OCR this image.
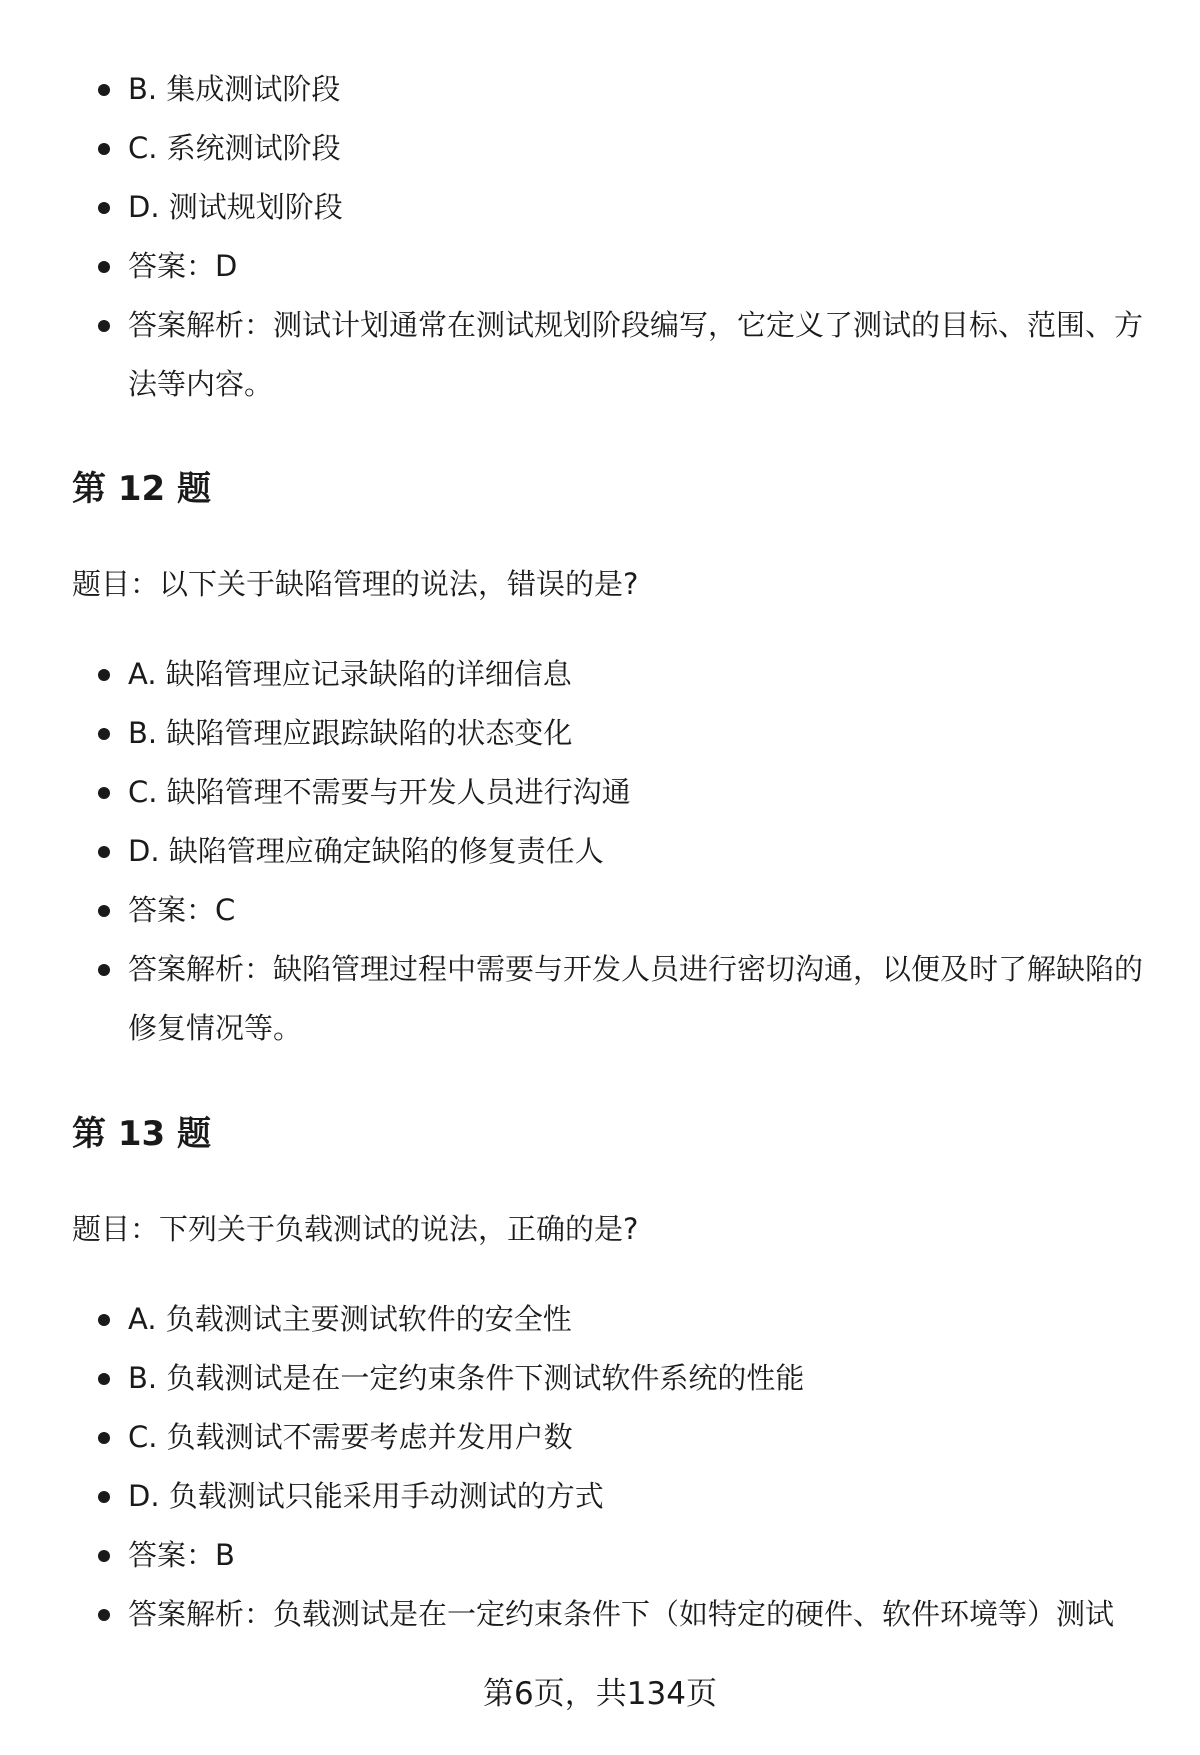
B. 集成测试阶段
C. 系统测试阶段
D. 测试规划阶段
答案：D
答案解析：测试计划通常在测试规划阶段编写，它定义了测试的目标、范围、方法等内容。
第 12 题
题目：以下关于缺陷管理的说法，错误的是?
A. 缺陷管理应记录缺陷的详细信息
B. 缺陷管理应跟踪缺陷的状态变化
C. 缺陷管理不需要与开发人员进行沟通
D. 缺陷管理应确定缺陷的修复责任人
答案：C
答案解析：缺陷管理过程中需要与开发人员进行密切沟通，以便及时了解缺陷的修复情况等。
第 13 题
题目：下列关于负载测试的说法，正确的是?
A. 负载测试主要测试软件的安全性
B. 负载测试是在一定约束条件下测试软件系统的性能
C. 负载测试不需要考虑并发用户数
D. 负载测试只能采用手动测试的方式
答案：B
答案解析：负载测试是在一定约束条件下（如特定的硬件、软件环境等）测试
第6页，共134页
